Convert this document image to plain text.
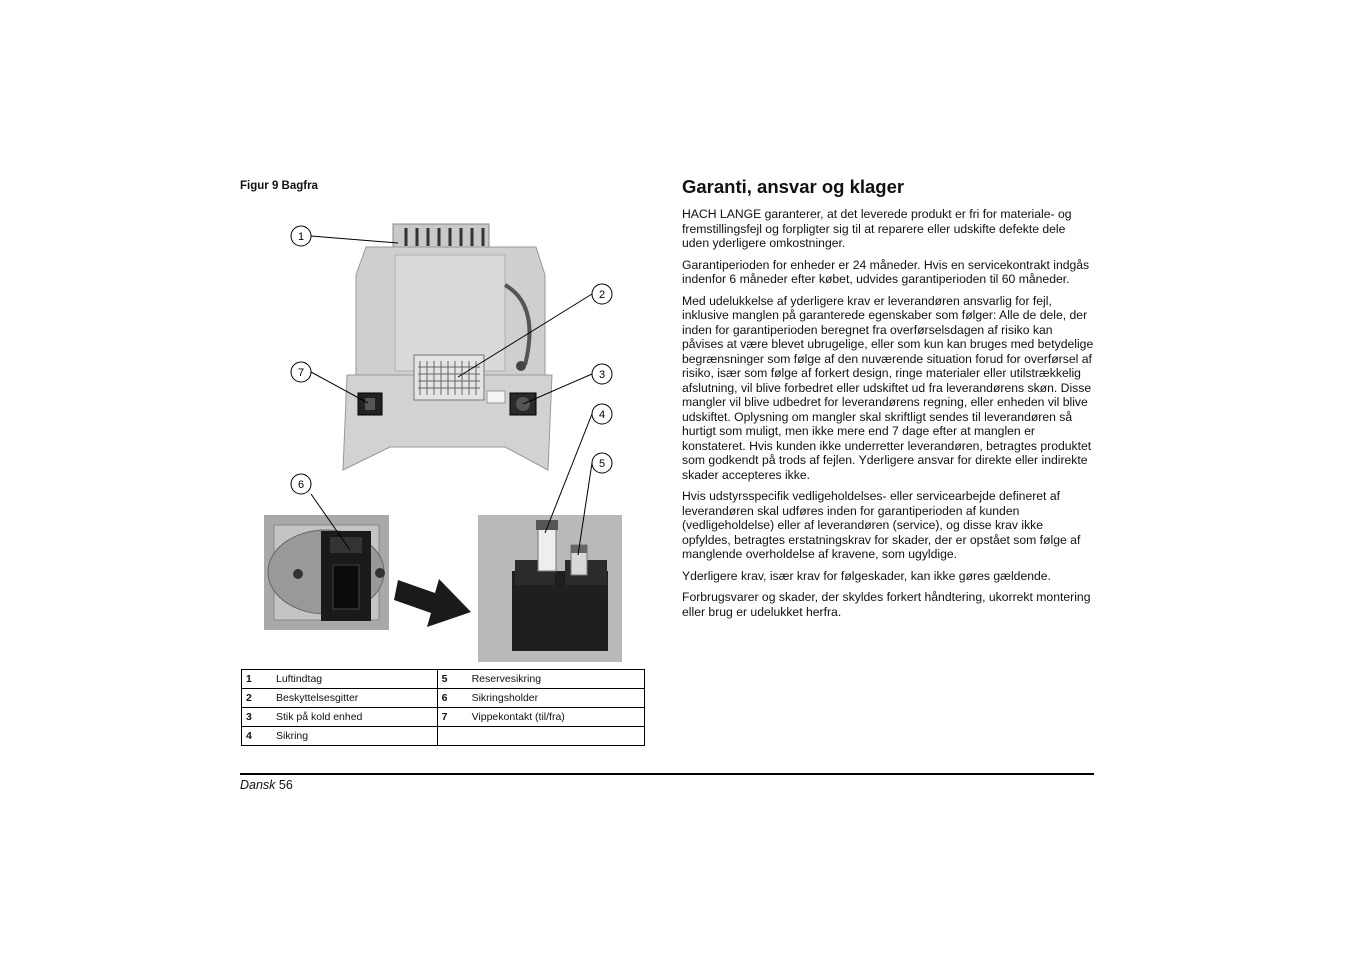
Figur 9 Bagfra
1
2
3
4
5
6
7
1	Luftindtag	5	Reservesikring
2	Beskyttelsesgitter	6	Sikringsholder
3	Stik på kold enhed	7	Vippekontakt (til/fra)
4	Sikring		
Garanti, ansvar og klager

HACH LANGE garanterer, at det leverede produkt er fri for materiale- og fremstillingsfejl og forpligter sig til at reparere eller udskifte defekte dele uden yderligere omkostninger.

Garantiperioden for enheder er 24 måneder. Hvis en servicekontrakt indgås indenfor 6 måneder efter købet, udvides garantiperioden til 60 måneder.

Med udelukkelse af yderligere krav er leverandøren ansvarlig for fejl, inklusive manglen på garanterede egenskaber som følger: Alle de dele, der inden for garantiperioden beregnet fra overførselsdagen af risiko kan påvises at være blevet ubrugelige, eller som kun kan bruges med betydelige begrænsninger som følge af den nuværende situation forud for overførsel af risiko, især som følge af forkert design, ringe materialer eller utilstrækkelig afslutning, vil blive forbedret eller udskiftet ud fra leverandørens skøn. Disse mangler vil blive udbedret for leverandørens regning, eller enheden vil blive udskiftet. Oplysning om mangler skal skriftligt sendes til leverandøren så hurtigt som muligt, men ikke mere end 7 dage efter at manglen er konstateret. Hvis kunden ikke underretter leverandøren, betragtes produktet som godkendt på trods af fejlen. Yderligere ansvar for direkte eller indirekte skader accepteres ikke.

Hvis udstyrsspecifik vedligeholdelses- eller servicearbejde defineret af leverandøren skal udføres inden for garantiperioden af kunden (vedligeholdelse) eller af leverandøren (service), og disse krav ikke opfyldes, betragtes erstatningskrav for skader, der er opstået som følge af manglende overholdelse af kravene, som ugyldige.

Yderligere krav, især krav for følgeskader, kan ikke gøres gældende.

Forbrugsvarer og skader, der skyldes forkert håndtering, ukorrekt montering eller brug er udelukket herfra.

Dansk 56
